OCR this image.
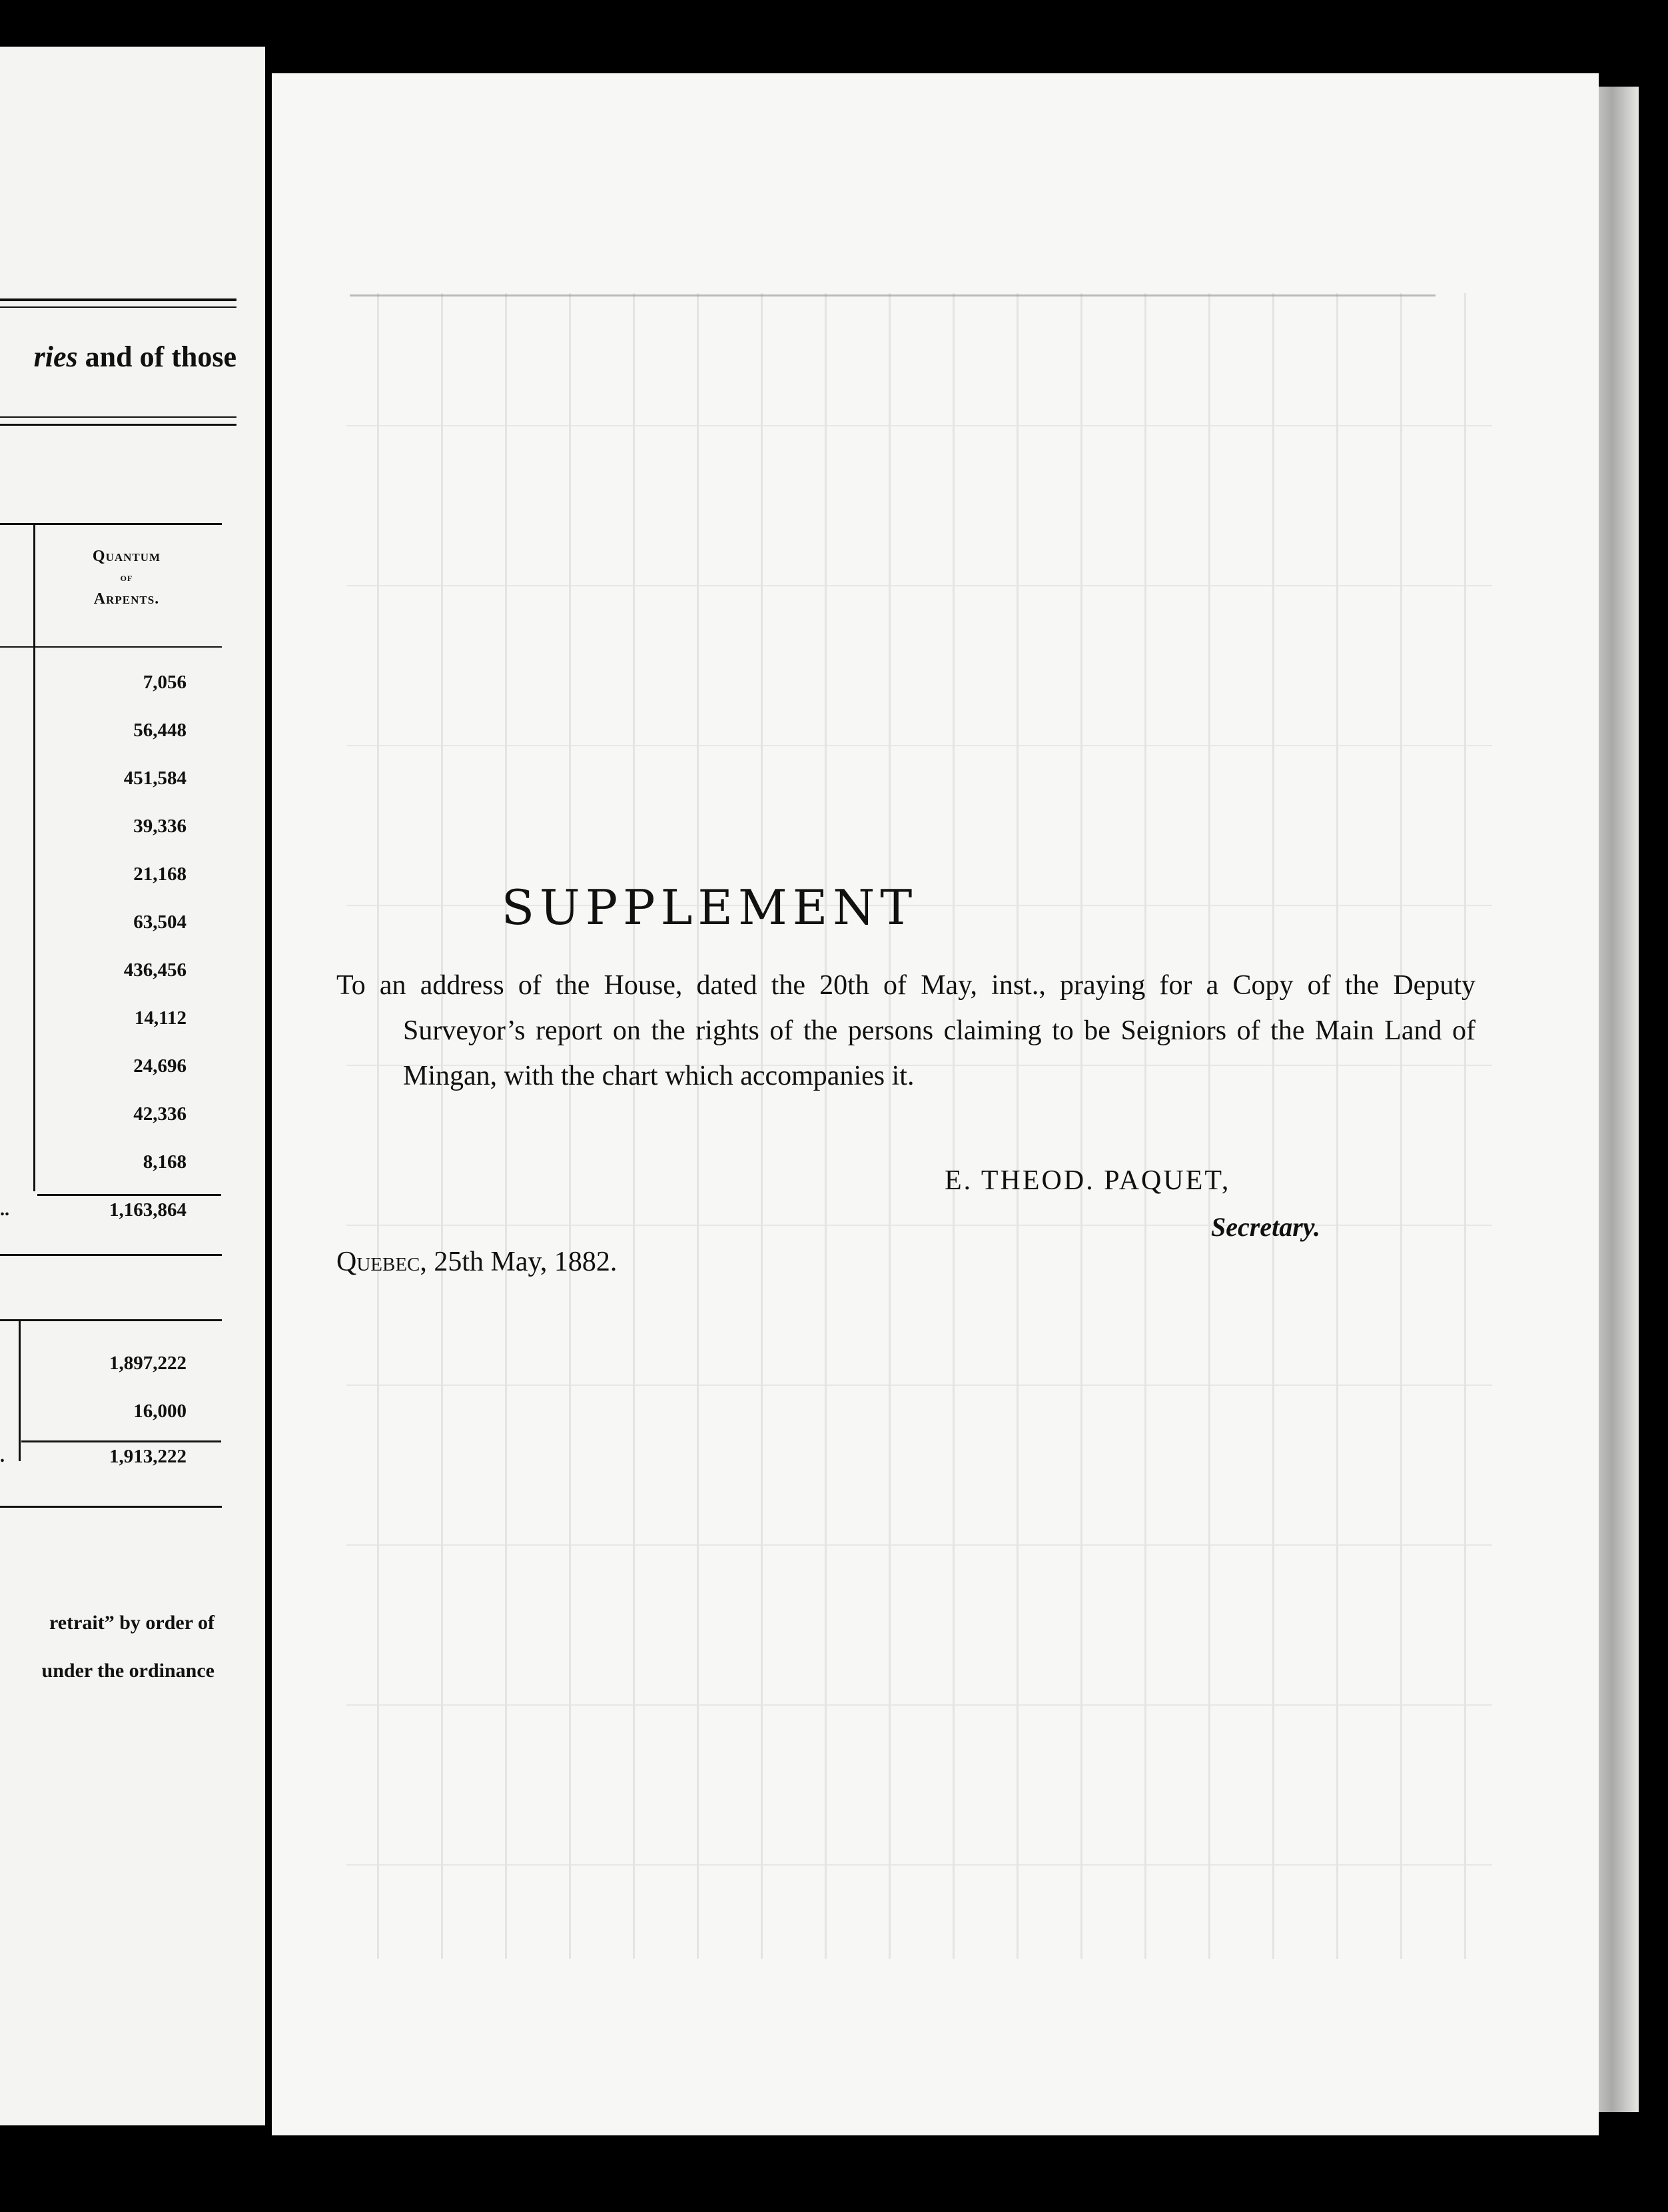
ries and of those
Quantum
of
Arpents.
7,056
56,448
451,584
39,336
21,168
63,504
436,456
14,112
24,696
42,336
8,168
..	1,163,864
1,897,222
16,000
.	1,913,222
retrait” by order of
under the ordinance
SUPPLEMENT
To an address of the House, dated the 20th of May, inst., praying for a Copy of the Deputy Surveyor’s report on the rights of the persons claiming to be Seigniors of the Main Land of Mingan, with the chart which accompanies it.
E. THEOD. PAQUET,
Secretary.
Quebec, 25th May, 1882.
